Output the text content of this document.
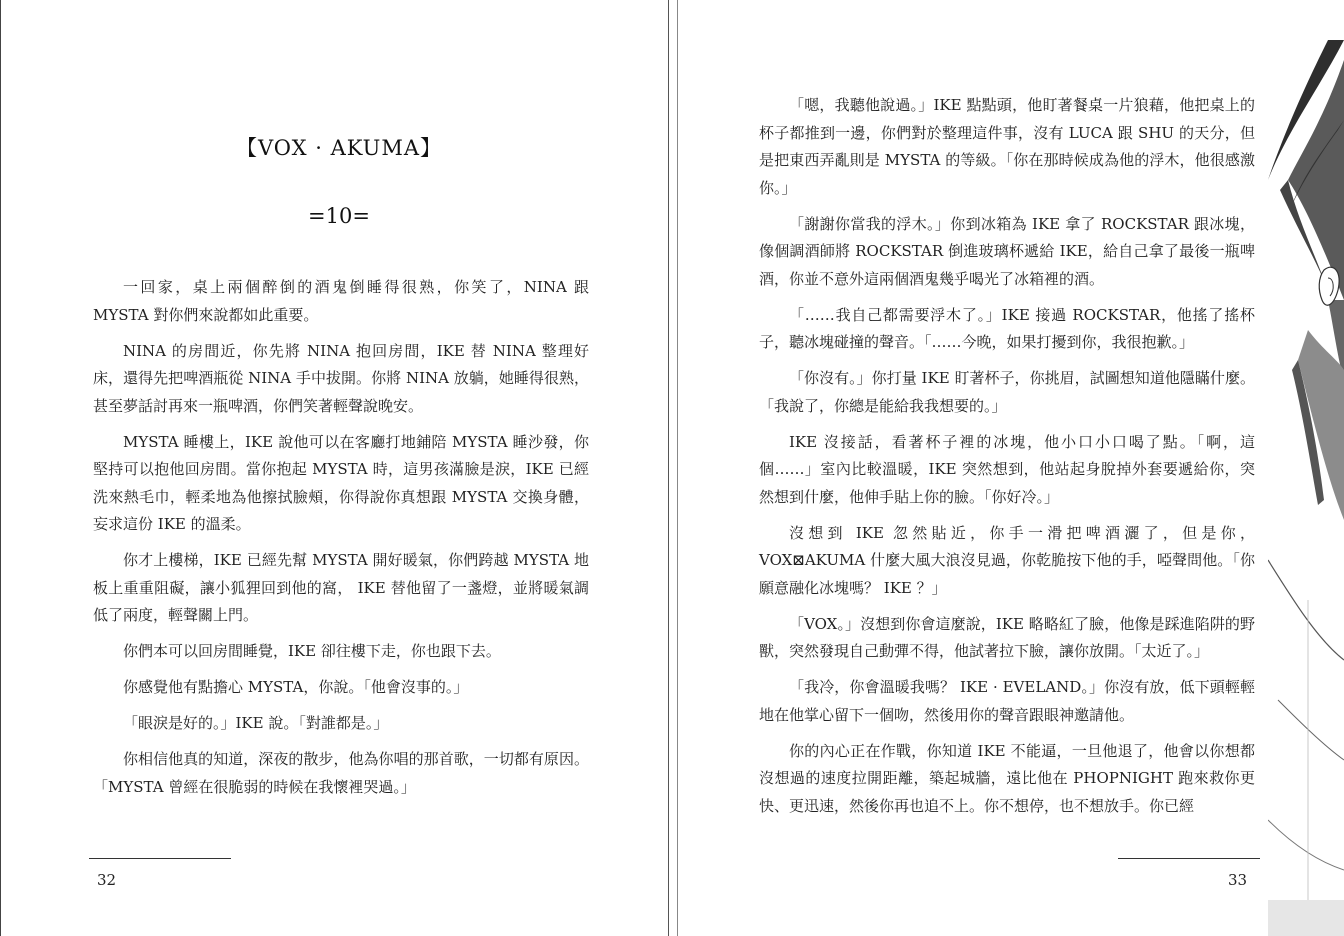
【VOX · AKUMA】
=10=

一回家，桌上兩個醉倒的酒鬼倒睡得很熟，你笑了，NINA 跟 MYSTA 對你們來說都如此重要。

NINA 的房間近，你先將 NINA 抱回房間，IKE 替 NINA 整理好床，還得先把啤酒瓶從 NINA 手中拔開。你將 NINA 放躺，她睡得很熟，甚至夢話討再來一瓶啤酒，你們笑著輕聲說晚安。

MYSTA 睡樓上，IKE 說他可以在客廳打地鋪陪 MYSTA 睡沙發，你堅持可以抱他回房間。當你抱起 MYSTA 時，這男孩滿臉是淚，IKE 已經洗來熱毛巾，輕柔地為他擦拭臉頰，你得說你真想跟 MYSTA 交換身體，妄求這份 IKE 的溫柔。

你才上樓梯，IKE 已經先幫 MYSTA 開好暖氣，你們跨越 MYSTA 地板上重重阻礙，讓小狐狸回到他的窩， IKE 替他留了一盞燈，並將暖氣調低了兩度，輕聲關上門。

你們本可以回房間睡覺，IKE 卻往樓下走，你也跟下去。

你感覺他有點擔心 MYSTA，你說。「他會沒事的。」

「眼淚是好的。」IKE 說。「對誰都是。」

你相信他真的知道，深夜的散步，他為你唱的那首歌，一切都有原因。「MYSTA 曾經在很脆弱的時候在我懷裡哭過。」

32

「嗯，我聽他說過。」IKE 點點頭，他盯著餐桌一片狼藉，他把桌上的杯子都推到一邊，你們對於整理這件事，沒有 LUCA 跟 SHU 的天分，但是把東西弄亂則是 MYSTA 的等級。「你在那時候成為他的浮木，他很感激你。」

「謝謝你當我的浮木。」你到冰箱為 IKE 拿了 ROCKSTAR 跟冰塊，像個調酒師將 ROCKSTAR 倒進玻璃杯遞給 IKE，給自己拿了最後一瓶啤酒，你並不意外這兩個酒鬼幾乎喝光了冰箱裡的酒。

「……我自己都需要浮木了。」IKE 接過 ROCKSTAR，他搖了搖杯子，聽冰塊碰撞的聲音。「……今晚，如果打擾到你，我很抱歉。」

「你沒有。」你打量 IKE 盯著杯子，你挑眉，試圖想知道他隱瞞什麼。「我說了，你總是能給我我想要的。」

IKE 沒接話，看著杯子裡的冰塊，他小口小口喝了點。「啊，這個……」室內比較溫暖，IKE 突然想到，他站起身脫掉外套要遞給你，突然想到什麼，他伸手貼上你的臉。「你好冷。」

沒想到 IKE 忽然貼近，你手一滑把啤酒灑了，但是你，VOX⊠AKUMA 什麼大風大浪沒見過，你乾脆按下他的手，啞聲問他。「你願意融化冰塊嗎？ IKE ？」

「VOX。」沒想到你會這麼說，IKE 略略紅了臉，他像是踩進陷阱的野獸，突然發現自己動彈不得，他試著拉下臉，讓你放開。「太近了。」

「我冷，你會溫暖我嗎？ IKE · EVELAND。」你沒有放，低下頭輕輕地在他掌心留下一個吻，然後用你的聲音跟眼神邀請他。

你的內心正在作戰，你知道 IKE 不能逼，一旦他退了，他會以你想都沒想過的速度拉開距離，築起城牆，遠比他在 PHOPNIGHT 跑來救你更快、更迅速，然後你再也追不上。你不想停，也不想放手。你已經

33
